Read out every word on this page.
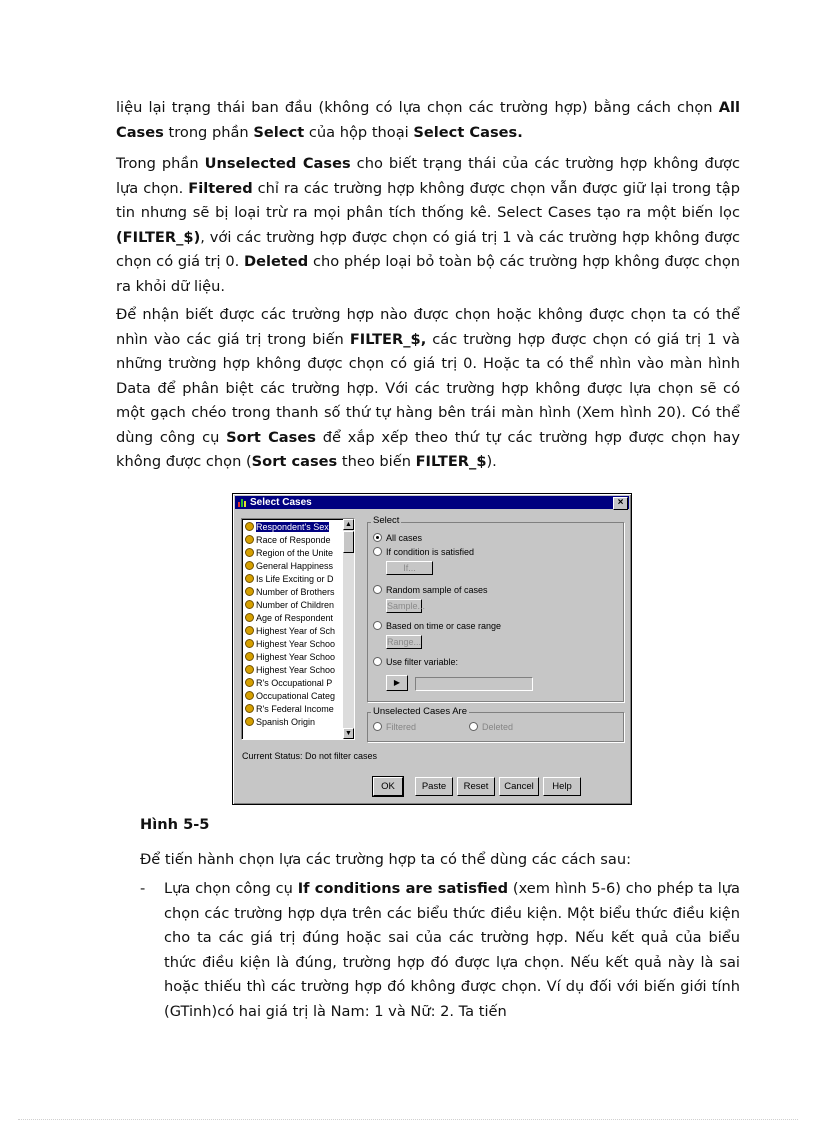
liệu lại trạng thái ban đầu (không có lựa chọn các trường hợp) bằng cách chọn All Cases trong phần Select của hộp thoại Select Cases.

Trong phần Unselected Cases cho biết trạng thái của các trường hợp không được lựa chọn. Filtered chỉ ra các trường hợp không được chọn vẫn được giữ lại trong tập tin nhưng sẽ bị loại trừ ra mọi phân tích thống kê. Select Cases tạo ra một biến lọc (FILTER_$), với các trường hợp được chọn có giá trị 1 và các trường hợp không được chọn có giá trị 0. Deleted cho phép loại bỏ toàn bộ các trường hợp không được chọn ra khỏi dữ liệu.

Để nhận biết được các trường hợp nào được chọn hoặc không được chọn ta có thể nhìn vào các giá trị trong biến FILTER_$, các trường hợp được chọn có giá trị 1 và những trường hợp không được chọn có giá trị 0. Hoặc ta có thể nhìn vào màn hình Data để phân biệt các trường hợp. Với các trường hợp không được lựa chọn sẽ có một gạch chéo trong thanh số thứ tự hàng bên trái màn hình (Xem hình 20). Có thể dùng công cụ Sort Cases để xắp xếp theo thứ tự các trường hợp được chọn hay không được chọn (Sort cases theo biến FILTER_$).

Select Cases	×
Respondent's Sex
Race of Responde
Region of the Unite
General Happiness
Is Life Exciting or D
Number of Brothers
Number of Children
Age of Respondent
Highest Year of Sch
Highest Year Schoo
Highest Year Schoo
Highest Year Schoo
R's Occupational P
Occupational Categ
R's Federal Income
Spanish Origin
▲
▼
Select
All cases
If condition is satisfied
If...
Random sample of cases
Sample...
Based on time or case range
Range...
Use filter variable:
▶
Unselected Cases Are
Filtered	Deleted
Current Status: Do not filter cases
OK	Paste	Reset	Cancel	Help

Hình 5-5

Để tiến hành chọn lựa các trường hợp ta có thể dùng các cách sau:

- Lựa chọn công cụ If conditions are satisfied (xem hình 5-6) cho phép ta lựa chọn các trường hợp dựa trên các biểu thức điều kiện. Một biểu thức điều kiện cho ta các giá trị đúng hoặc sai của các trường hợp. Nếu kết quả của biểu thức điều kiện là đúng, trường hợp đó được lựa chọn. Nếu kết quả này là sai hoặc thiếu thì các trường hợp đó không được chọn. Ví dụ đối với biến giới tính (GTinh)có hai giá trị là Nam: 1 và Nữ: 2. Ta tiến
